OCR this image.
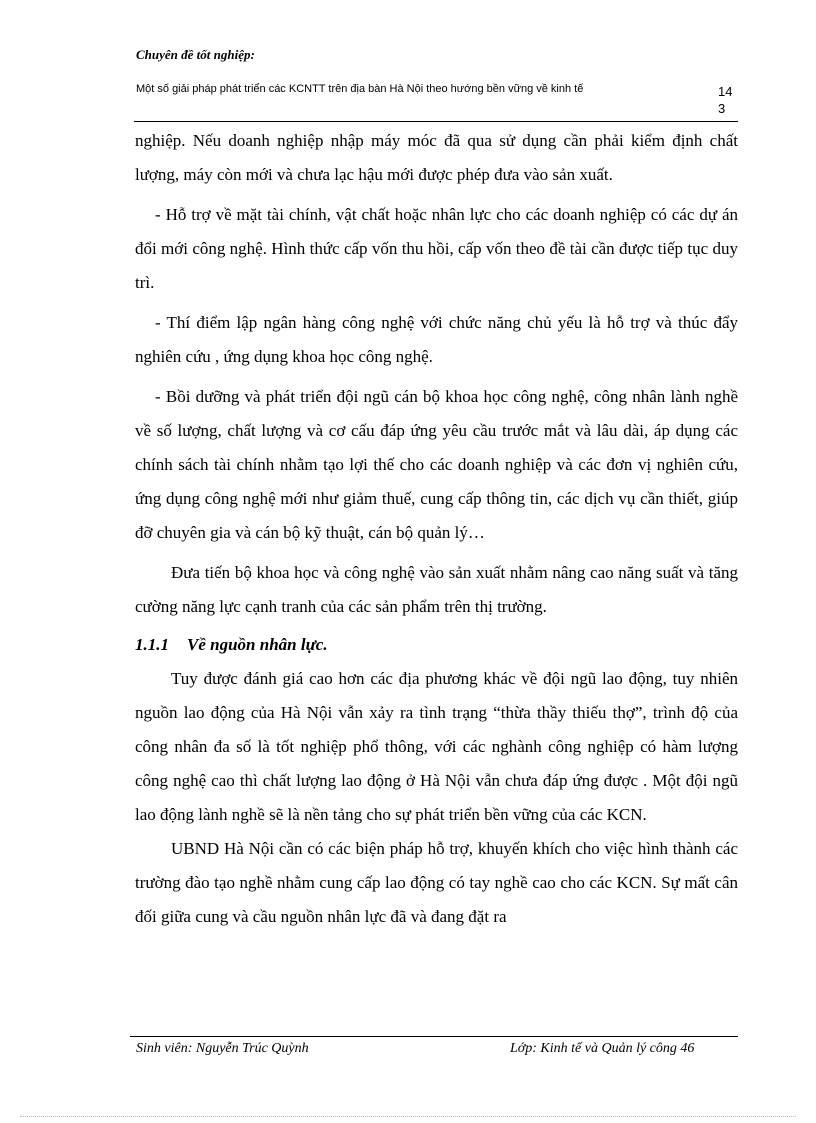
Chuyên đề tốt nghiệp:
Một số giải pháp phát triển các KCNTT trên địa bàn Hà Nội theo hướng bền vững về kinh tế	143

nghiệp. Nếu doanh nghiệp nhập máy móc đã qua sử dụng cần phải kiểm định chất lượng, máy còn mới và chưa lạc hậu mới được phép đưa vào sản xuất.

- Hỗ trợ về mặt tài chính, vật chất hoặc nhân lực cho các doanh nghiệp có các dự án đổi mới công nghệ. Hình thức cấp vốn thu hồi, cấp vốn theo đề tài cần được tiếp tục duy trì.

- Thí điểm lập ngân hàng công nghệ với chức năng chủ yếu là hỗ trợ và thúc đẩy nghiên cứu , ứng dụng khoa học công nghệ.

- Bồi dưỡng và phát triển đội ngũ cán bộ khoa học công nghệ, công nhân lành nghề về số lượng, chất lượng và cơ cấu đáp ứng yêu cầu trước mắt và lâu dài, áp dụng các chính sách tài chính nhằm tạo lợi thế cho các doanh nghiệp và các đơn vị nghiên cứu, ứng dụng công nghệ mới như giảm thuế, cung cấp thông tin, các dịch vụ cần thiết, giúp đỡ chuyên gia và cán bộ kỹ thuật, cán bộ quản lý…

Đưa tiến bộ khoa học và công nghệ vào sản xuất nhằm nâng cao năng suất và tăng cường năng lực cạnh tranh của các sản phẩm trên thị trường.

1.1.1 Về nguồn nhân lực.

Tuy được đánh giá cao hơn các địa phương khác về đội ngũ lao động, tuy nhiên nguồn lao động của Hà Nội vẫn xảy ra tình trạng “thừa thầy thiếu thợ”, trình độ của công nhân đa số là tốt nghiệp phổ thông, với các nghành công nghiệp có hàm lượng công nghệ cao thì chất lượng lao động ở Hà Nội vẫn chưa đáp ứng được . Một đội ngũ lao động lành nghề sẽ là nền tảng cho sự phát triển bền vững của các KCN.

UBND Hà Nội cần có các biện pháp hỗ trợ, khuyến khích cho việc hình thành các trường đào tạo nghề nhằm cung cấp lao động có tay nghề cao cho các KCN. Sự mất cân đối giữa cung và cầu nguồn nhân lực đã và đang đặt ra

Sinh viên: Nguyễn Trúc Quỳnh	Lớp: Kinh tế và Quản lý công 46
